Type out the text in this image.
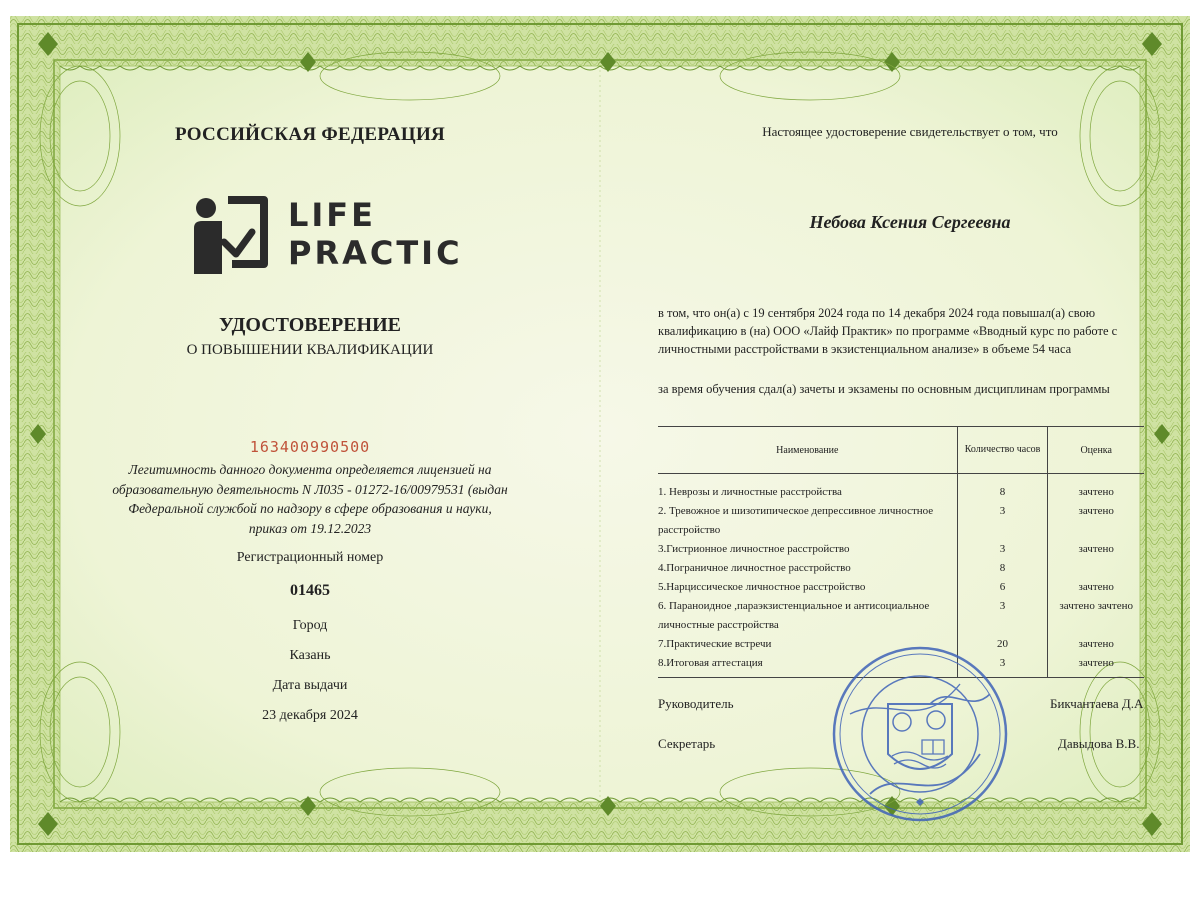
РОССИЙСКАЯ ФЕДЕРАЦИЯ
LIFE
PRACTIC
УДОСТОВЕРЕНИЕ
О ПОВЫШЕНИИ КВАЛИФИКАЦИИ
163400990500
Легитимность данного документа определяется лицензией на образовательную деятельность N Л035 - 01272-16/00979531 (выдан Федеральной службой по надзору в сфере образования и науки, приказ от 19.12.2023
Регистрационный номер
01465
Город
Казань
Дата выдачи
23 декабря 2024
Настоящее удостоверение свидетельствует о том, что
Небова Ксения Сергеевна
в том, что он(а) с 19 сентября 2024 года по 14 декабря 2024 года повышал(а) свою квалификацию в (на) ООО «Лайф Практик» по программе «Вводный курс по работе с личностными расстройствами в экзистенциальном анализе» в объеме 54 часа
за время обучения сдал(а) зачеты и экзамены по основным дисциплинам программы
Наименование	Количество часов	Оценка
1. Неврозы и личностные расстройства	8	зачтено
2. Тревожное и шизотипическое депрессивное личностное расстройство	3	зачтено
3.Гистрионное личностное расстройство	3	зачтено
4.Пограничное личностное расстройство	8	
5.Нарциссическое личностное расстройство	6	зачтено
6. Параноидное ,параэкзистенциальное и антисоциальное личностные расстройства	3	зачтено зачтено
7.Практические встречи	20	зачтено
8.Итоговая аттестация	3	зачтено
Руководитель	Бикчантаева Д.А
Секретарь	Давыдова В.В.
